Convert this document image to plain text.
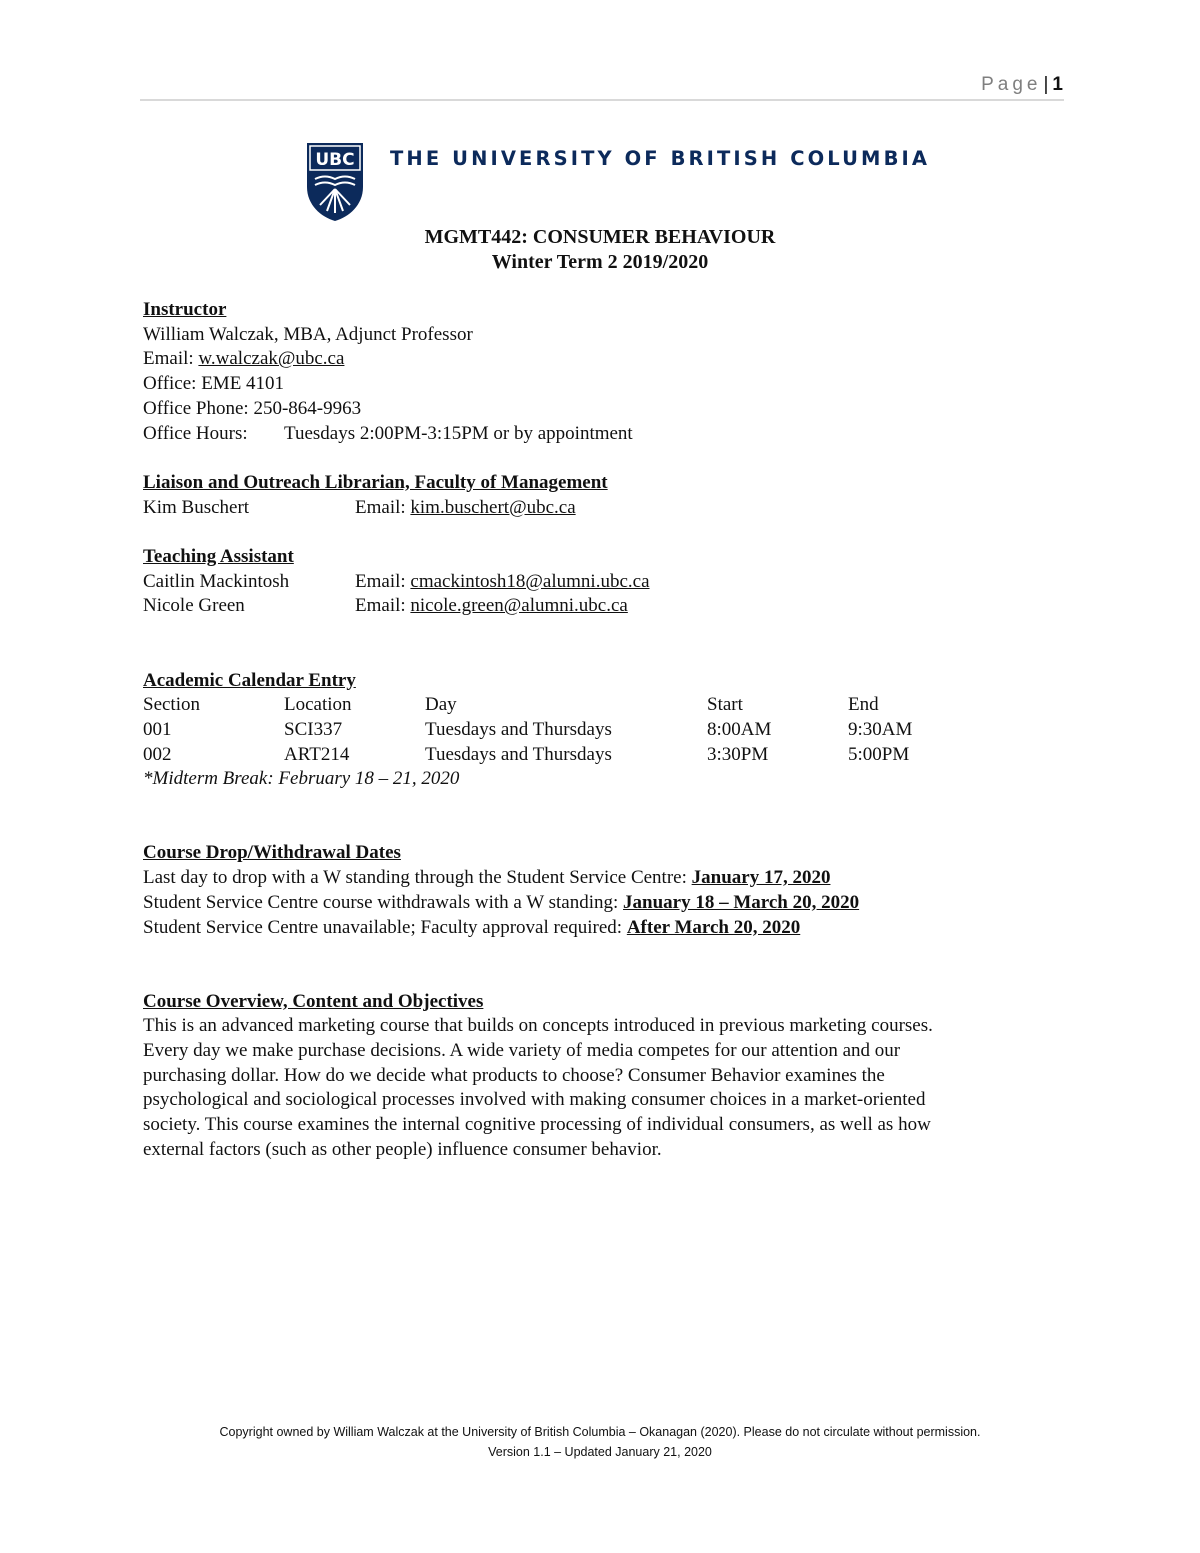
Page | 1
UBC THE UNIVERSITY OF BRITISH COLUMBIA
MGMT442: CONSUMER BEHAVIOUR
Winter Term 2 2019/2020
Instructor
William Walczak, MBA, Adjunct Professor
Email: w.walczak@ubc.ca
Office: EME 4101
Office Phone: 250-864-9963
Office Hours: Tuesdays 2:00PM-3:15PM or by appointment
Liaison and Outreach Librarian, Faculty of Management
Kim Buschert	Email: kim.buschert@ubc.ca
Teaching Assistant
Caitlin Mackintosh	Email: cmackintosh18@alumni.ubc.ca
Nicole Green	Email: nicole.green@alumni.ubc.ca
Academic Calendar Entry
Section	Location	Day	Start	End
001	SCI337	Tuesdays and Thursdays	8:00AM	9:30AM
002	ART214	Tuesdays and Thursdays	3:30PM	5:00PM
*Midterm Break: February 18 – 21, 2020
Course Drop/Withdrawal Dates
Last day to drop with a W standing through the Student Service Centre: January 17, 2020
Student Service Centre course withdrawals with a W standing: January 18 – March 20, 2020
Student Service Centre unavailable; Faculty approval required: After March 20, 2020
Course Overview, Content and Objectives
This is an advanced marketing course that builds on concepts introduced in previous marketing courses.
Every day we make purchase decisions. A wide variety of media competes for our attention and our
purchasing dollar. How do we decide what products to choose? Consumer Behavior examines the
psychological and sociological processes involved with making consumer choices in a market-oriented
society. This course examines the internal cognitive processing of individual consumers, as well as how
external factors (such as other people) influence consumer behavior.
Copyright owned by William Walczak at the University of British Columbia – Okanagan (2020). Please do not circulate without permission.
Version 1.1 – Updated January 21, 2020
